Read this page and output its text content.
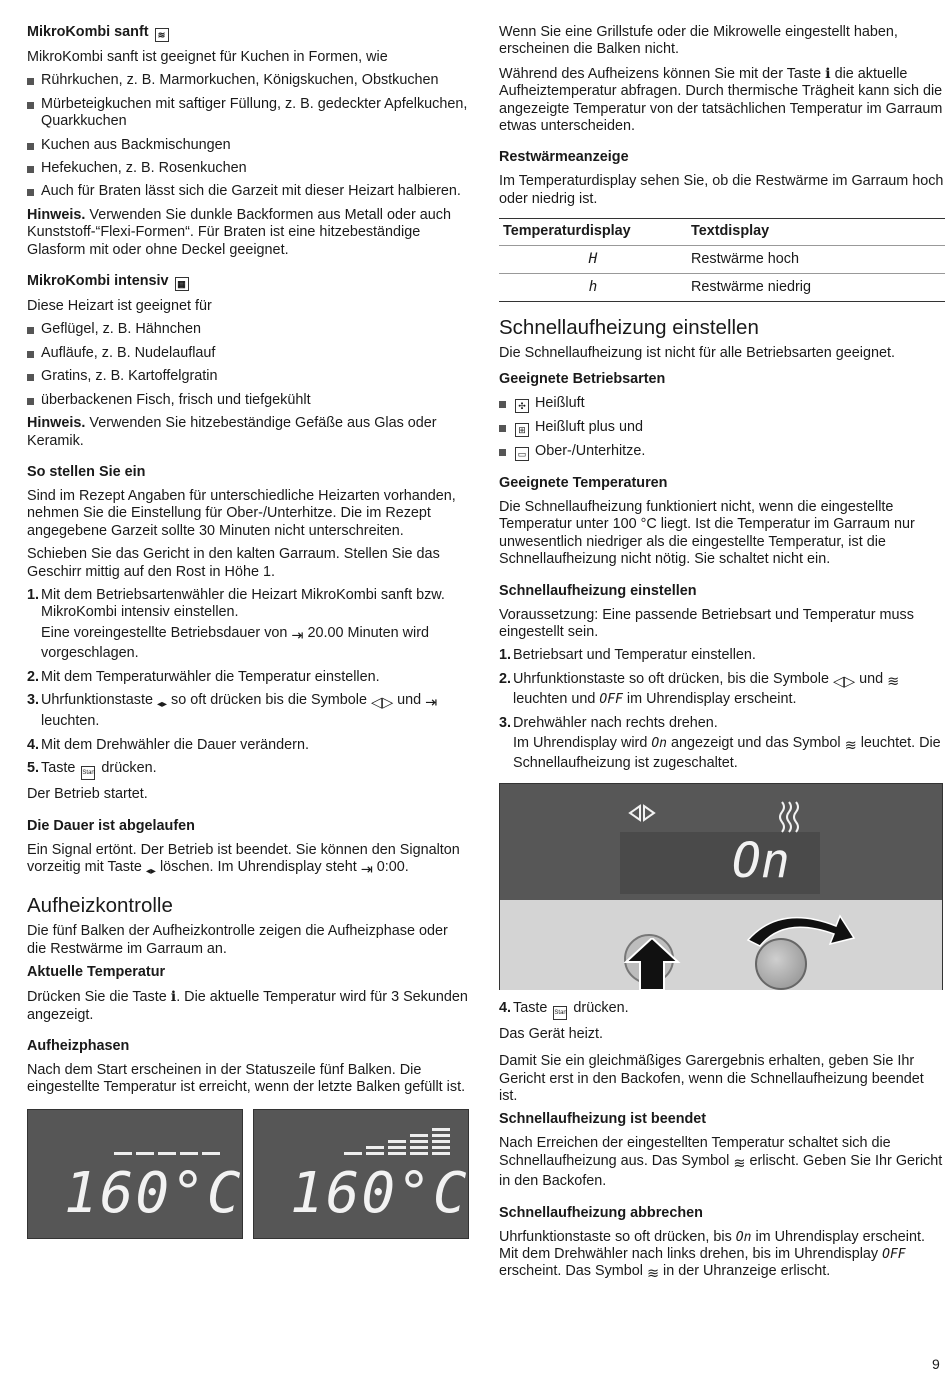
MikroKombi sanft ≋

MikroKombi sanft ist geeignet für Kuchen in Formen, wie

Rührkuchen, z. B. Marmorkuchen, Königskuchen, Obstkuchen
Mürbeteigkuchen mit saftiger Füllung, z. B. gedeckter Apfelkuchen, Quarkkuchen
Kuchen aus Backmischungen
Hefekuchen, z. B. Rosenkuchen
Auch für Braten lässt sich die Garzeit mit dieser Heizart halbieren.

Hinweis. Verwenden Sie dunkle Backformen aus Metall oder auch Kunststoff-“Flexi-Formen“. Für Braten ist eine hitzebeständige Glasform mit oder ohne Deckel geeignet.

MikroKombi intensiv ▦

Diese Heizart ist geeignet für

Geflügel, z. B. Hähnchen
Aufläufe, z. B. Nudelauflauf
Gratins, z. B. Kartoffelgratin
überbackenen Fisch, frisch und tiefgekühlt

Hinweis. Verwenden Sie hitzebeständige Gefäße aus Glas oder Keramik.

So stellen Sie ein

Sind im Rezept Angaben für unterschiedliche Heizarten vorhanden, nehmen Sie die Einstellung für Ober-/Unterhitze. Die im Rezept angegebene Garzeit sollte 30 Minuten nicht unterschreiten.

Schieben Sie das Gericht in den kalten Garraum. Stellen Sie das Geschirr mittig auf den Rost in Höhe 1.

1. Mit dem Betriebsartenwähler die Heizart MikroKombi sanft bzw. MikroKombi intensiv einstellen.
Eine voreingestellte Betriebsdauer von ⇥ 20.00 Minuten wird vorgeschlagen.
2. Mit dem Temperaturwähler die Temperatur einstellen.
3. Uhrfunktionstaste ◂▸ so oft drücken bis die Symbole ◁▷ und ⇥ leuchten.
4. Mit dem Drehwähler die Dauer verändern.
5. Taste Start drücken.

Der Betrieb startet.

Die Dauer ist abgelaufen

Ein Signal ertönt. Der Betrieb ist beendet. Sie können den Signalton vorzeitig mit Taste ◂▸ löschen. Im Uhrendisplay steht ⇥ 0:00.

Aufheizkontrolle

Die fünf Balken der Aufheizkontrolle zeigen die Aufheizphase oder die Restwärme im Garraum an.

Aktuelle Temperatur

Drücken Sie die Taste i. Die aktuelle Temperatur wird für 3 Sekunden angezeigt.

Aufheizphasen

Nach dem Start erscheinen in der Statuszeile fünf Balken. Die eingestellte Temperatur ist erreicht, wenn der letzte Balken gefüllt ist.

160°C 160°C

Wenn Sie eine Grillstufe oder die Mikrowelle eingestellt haben, erscheinen die Balken nicht.

Während des Aufheizens können Sie mit der Taste i die aktuelle Aufheiztemperatur abfragen. Durch thermische Trägheit kann sich die angezeigte Temperatur von der tatsächlichen Temperatur im Garraum etwas unterscheiden.

Restwärmeanzeige

Im Temperaturdisplay sehen Sie, ob die Restwärme im Garraum hoch oder niedrig ist.

Temperaturdisplay	Textdisplay
H	Restwärme hoch
h	Restwärme niedrig
Schnellaufheizung einstellen

Die Schnellaufheizung ist nicht für alle Betriebsarten geeignet.

Geeignete Betriebsarten
✣ Heißluft
⊞ Heißluft plus und
▭ Ober-/Unterhitze.
Geeignete Temperaturen

Die Schnellaufheizung funktioniert nicht, wenn die eingestellte Temperatur unter 100 °C liegt. Ist die Temperatur im Garraum nur unwesentlich niedriger als die eingestellte Temperatur, ist die Schnellaufheizung nicht nötig. Sie schaltet nicht ein.

Schnellaufheizung einstellen

Voraussetzung: Eine passende Betriebsart und Temperatur muss eingestellt sein.

1. Betriebsart und Temperatur einstellen.
2. Uhrfunktionstaste so oft drücken, bis die Symbole ◁▷ und ≋ leuchten und OFF im Uhrendisplay erscheint.
3. Drehwähler nach rechts drehen.
Im Uhrendisplay wird On angezeigt und das Symbol ≋ leuchtet. Die Schnellaufheizung ist zugeschaltet.
On
4. Taste Start drücken.

Das Gerät heizt.

Damit Sie ein gleichmäßiges Garergebnis erhalten, geben Sie Ihr Gericht erst in den Backofen, wenn die Schnellaufheizung beendet ist.

Schnellaufheizung ist beendet

Nach Erreichen der eingestellten Temperatur schaltet sich die Schnellaufheizung aus. Das Symbol ≋ erlischt. Geben Sie Ihr Gericht in den Backofen.

Schnellaufheizung abbrechen

Uhrfunktionstaste so oft drücken, bis On im Uhrendisplay erscheint. Mit dem Drehwähler nach links drehen, bis im Uhrendisplay OFF erscheint. Das Symbol ≋ in der Uhranzeige erlischt.

9
